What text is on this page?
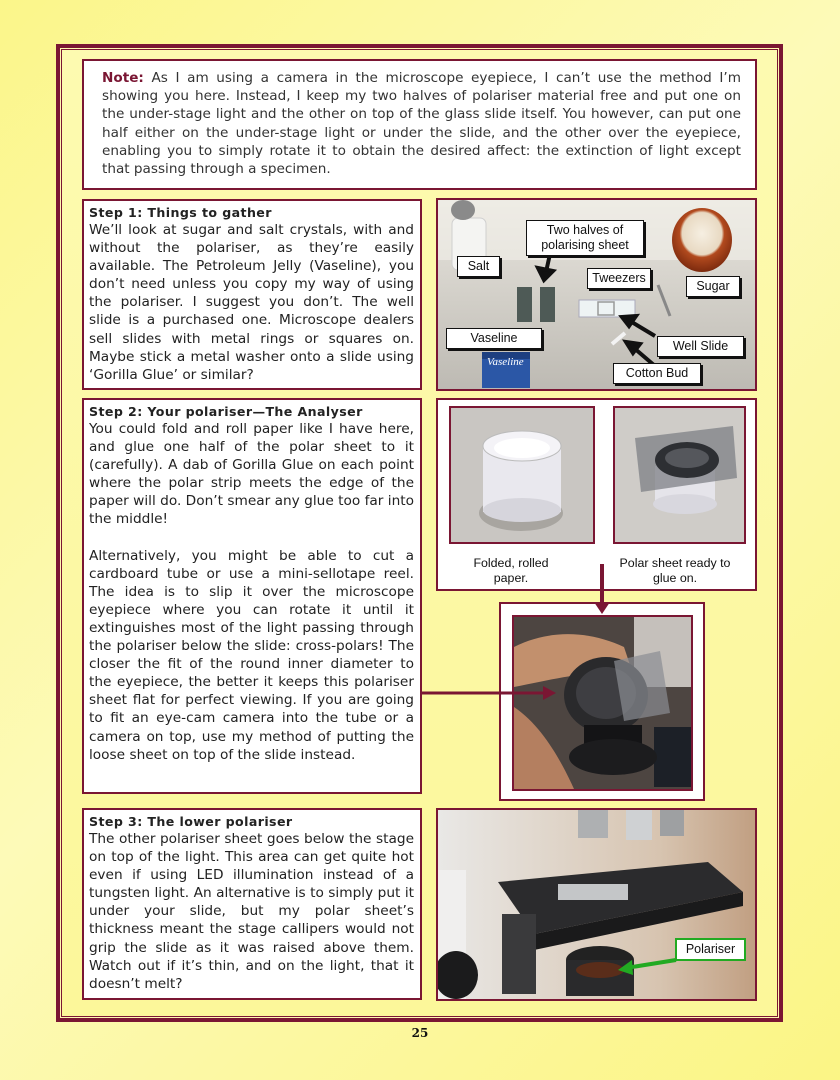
Note: As I am using a camera in the microscope eyepiece, I can’t use the method I’m showing you here. Instead, I keep my two halves of polariser material free and put one on the under-stage light and the other on top of the glass slide itself. You however, can put one half either on the under-stage light or under the slide, and the other over the eyepiece, enabling you to simply rotate it to obtain the desired affect: the extinction of light except that passing through a specimen.
Step 1: Things to gather

We’ll look at sugar and salt crystals, with and without the polariser, as they’re easily available. The Petroleum Jelly (Vaseline), you don’t need unless you copy my way of using the polariser. I suggest you don’t. The well slide is a purchased one. Microscope dealers sell slides with metal rings or squares on. Maybe stick a metal washer onto a slide using ‘Gorilla Glue’ or similar?

Step 2: Your polariser—The Analyser

You could fold and roll paper like I have here, and glue one half of the polar sheet to it (carefully). A dab of Gorilla Glue on each point where the polar strip meets the edge of the paper will do. Don’t smear any glue too far into the middle!

Alternatively, you might be able to cut a cardboard tube or use a mini-sellotape reel. The idea is to slip it over the microscope eyepiece where you can rotate it until it extinguishes most of the light passing through the polariser below the slide: cross-polars! The closer the fit of the round inner diameter to the eyepiece, the better it keeps this polariser sheet flat for perfect viewing. If you are going to fit an eye-cam camera into the tube or a camera on top, use my method of putting the loose sheet on top of the slide instead.

Step 3: The lower polariser

The other polariser sheet goes below the stage on top of the light. This area can get quite hot even if using LED illumination instead of a tungsten light. An alternative is to simply put it under your slide, but my polar sheet’s thickness meant the stage callipers would not grip the slide as it was raised above them. Watch out if it’s thin, and on the light, that it doesn’t melt?

Vaseline
Salt
Two halves of polarising sheet
Tweezers
Sugar
Vaseline
Well Slide
Cotton Bud
Folded, rolled paper.
Polar sheet ready to glue on.
Polariser
25
